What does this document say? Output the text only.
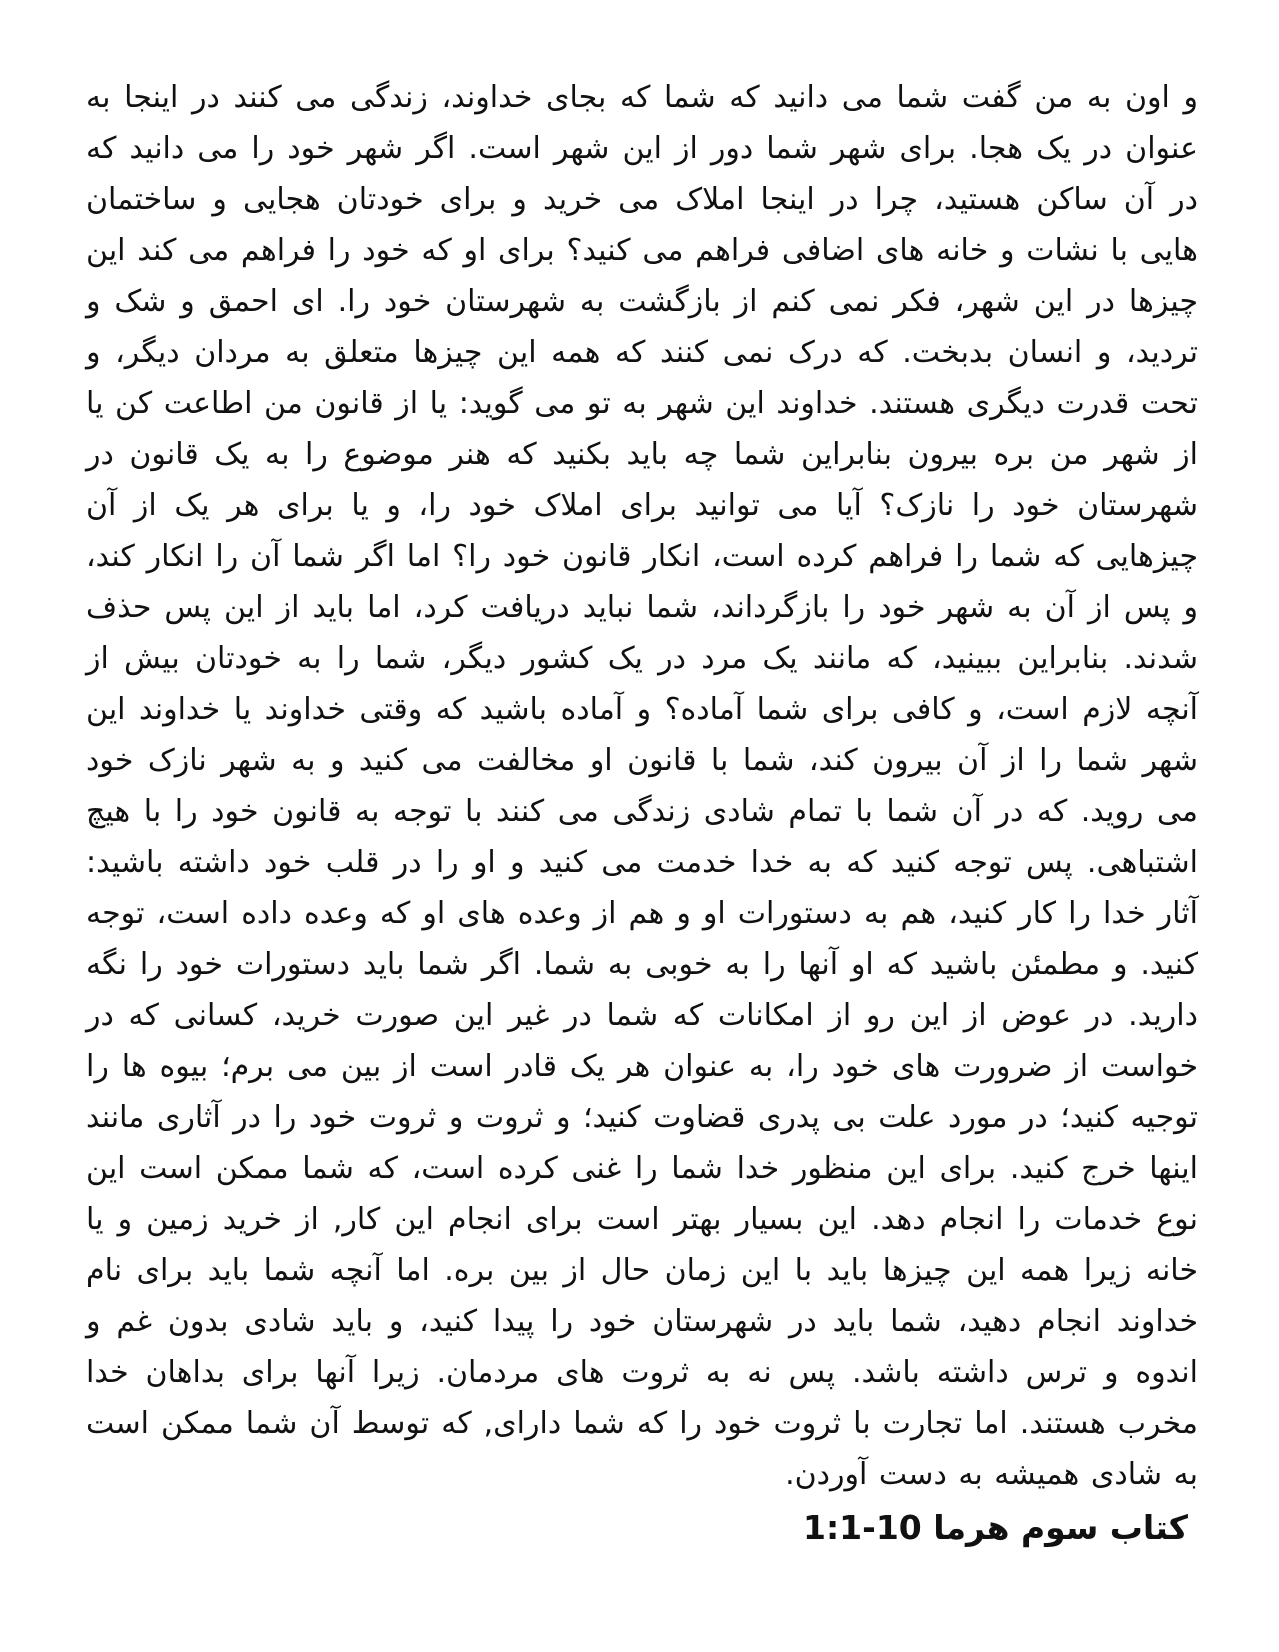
و اون به من گفت شما می دانید که شما که بجای خداوند، زندگی می کنند در اینجا به عنوان در یک هجا. برای شهر شما دور از این شهر است. اگر شهر خود را می دانید که در آن ساکن هستید، چرا در اینجا املاک می خرید و برای خودتان هجایی و ساختمان هایی با نشات و خانه های اضافی فراهم می کنید؟ برای او که خود را فراهم می کند این چیزها در این شهر، فکر نمی کنم از بازگشت به شهرستان خود را. ای احمق و شک و تردید، و انسان بدبخت. که درک نمی کنند که همه این چیزها متعلق به مردان دیگر، و تحت قدرت دیگری هستند. خداوند این شهر به تو می گوید: یا از قانون من اطاعت کن یا از شهر من بره بیرون بنابراین شما چه باید بکنید که هنر موضوع را به یک قانون در شهرستان خود را نازک؟ آیا می توانید برای املاک خود را، و یا برای هر یک از آن چیزهایی که شما را فراهم کرده است، انکار قانون خود را؟ اما اگر شما آن را انکار کند، و پس از آن به شهر خود را بازگرداند، شما نباید دریافت کرد، اما باید از این پس حذف شدند. بنابراین ببینید، که مانند یک مرد در یک کشور دیگر، شما را به خودتان بیش از آنچه لازم است، و کافی برای شما آماده؟ و آماده باشید که وقتی خداوند یا خداوند این شهر شما را از آن بیرون کند، شما با قانون او مخالفت می کنید و به شهر نازک خود می روید. که در آن شما با تمام شادی زندگی می کنند با توجه به قانون خود را با هیچ اشتباهی. پس توجه کنید که به خدا خدمت می کنید و او را در قلب خود داشته باشید: آثار خدا را کار کنید، هم به دستورات او و هم از وعده های او که وعده داده است، توجه کنید. و مطمئن باشید که او آنها را به خوبی به شما. اگر شما باید دستورات خود را نگه دارید. در عوض از این رو از امکانات که شما در غیر این صورت خرید، کسانی که در خواست از ضرورت های خود را، به عنوان هر یک قادر است از بین می برم؛ بیوه ها را توجیه کنید؛ در مورد علت بی پدری قضاوت کنید؛ و ثروت و ثروت خود را در آثاری مانند اینها خرج کنید. برای این منظور خدا شما را غنی کرده است، که شما ممکن است این نوع خدمات را انجام دهد. این بسیار بهتر است برای انجام این کار, از خرید زمین و یا خانه زیرا همه این چیزها باید با این زمان حال از بین بره. اما آنچه شما باید برای نام خداوند انجام دهید، شما باید در شهرستان خود را پیدا کنید، و باید شادی بدون غم و اندوه و ترس داشته باشد. پس نه به ثروت های مردمان. زیرا آنها برای بداهان خدا مخرب هستند. اما تجارت با ثروت خود را که شما دارای, که توسط آن شما ممکن است به شادی همیشه به دست آوردن.

کتاب سوم هرما 10-1:1
